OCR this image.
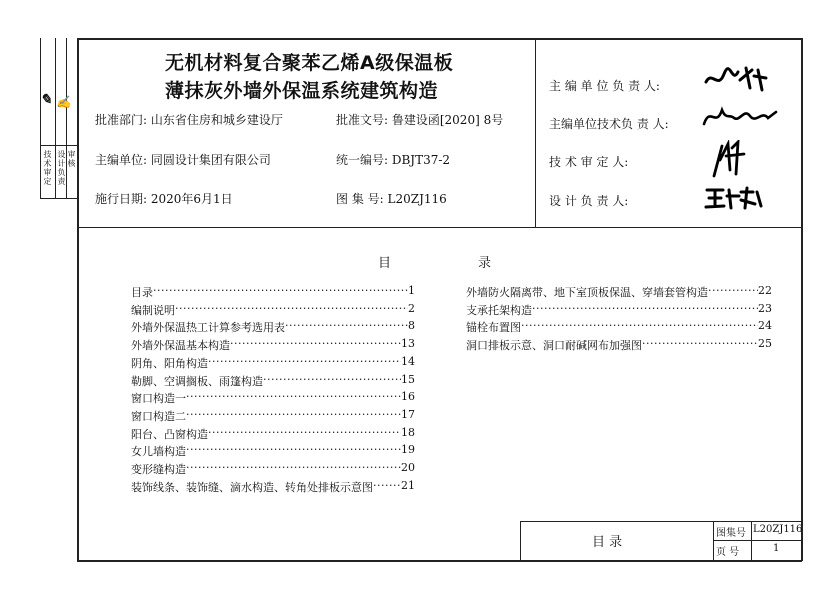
✎ ✍
技术审定
设计负责
审核
无机材料复合聚苯乙烯A级保温板
薄抹灰外墙外保温系统建筑构造
批准部门: 山东省住房和城乡建设厅	批准文号: 鲁建设函[2020] 8号
主编单位: 同圆设计集团有限公司	统一编号: DBJT37-2
施行日期: 2020年6月1日	图 集 号: L20ZJ116
主 编 单 位 负 责 人:
主编单位技术负 责 人:
技 术 审 定 人:
设 计 负 责 人:
目	录
目录 ·····	1
编制说明 ·····	2
外墙外保温热工计算参考选用表 ·····	8
外墙外保温基本构造 ·····	13
阴角、阳角构造 ·····	14
勒脚、空调搁板、雨篷构造 ·····	15
窗口构造一 ·····	16
窗口构造二 ·····	17
阳台、凸窗构造 ·····	18
女儿墙构造 ·····	19
变形缝构造 ·····	20
装饰线条、装饰缝、滴水构造、转角处排板示意图 ·····	21
外墙防火隔离带、地下室顶板保温、穿墙套管构造 ·····	22
支承托架构造 ·····	23
锚栓布置图 ·····	24
洞口排板示意、洞口耐碱网布加强图 ·····	25
目 录
图集号 L20ZJ116
页 号	1
